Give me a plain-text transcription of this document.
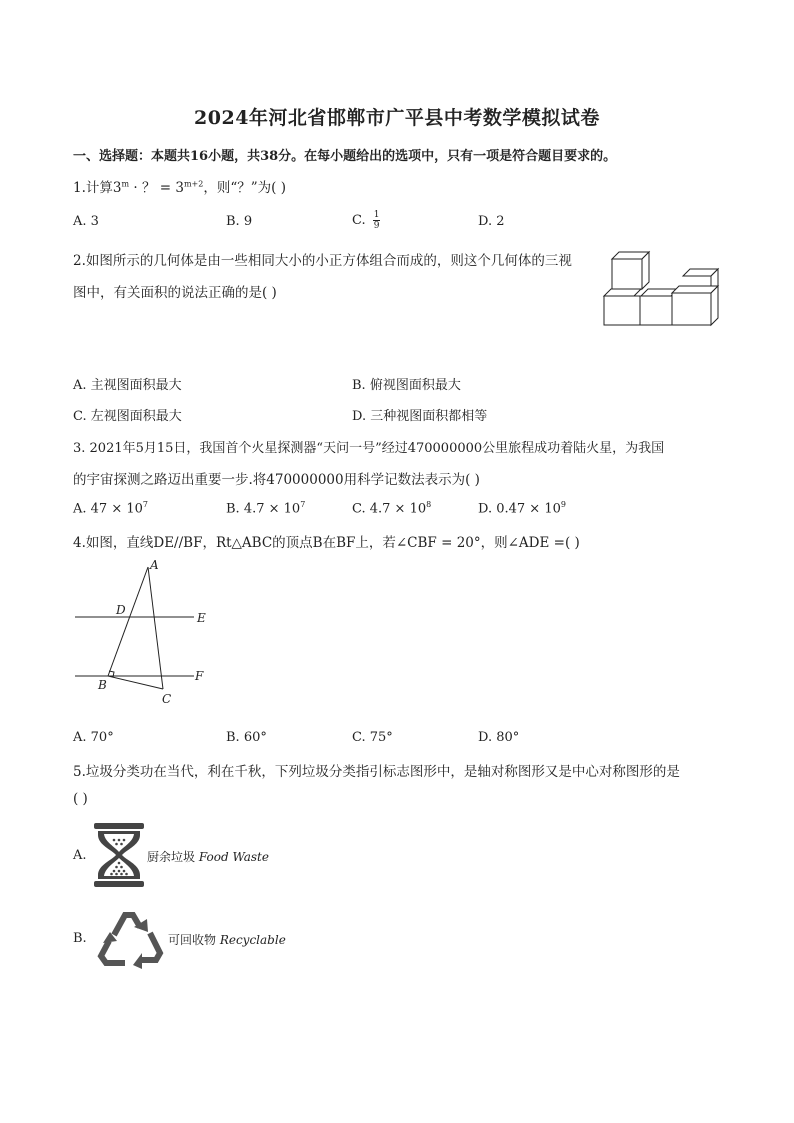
2024年河北省邯郸市广平县中考数学模拟试卷
一、选择题：本题共16小题，共38分。在每小题给出的选项中，只有一项是符合题目要求的。
1.计算$3^m$ · ？ = $3^{m+2}$，则“？”为( )
A. 3	B. 9	C. $\frac{1}{9}$	D. 2
2.如图所示的几何体是由一些相同大小的小正方体组合而成的，则这个几何体的三视
图中，有关面积的说法正确的是( )
A. 主视图面积最大	B. 俯视图面积最大
C. 左视图面积最大	D. 三种视图面积都相等
3. 2021年5月15日，我国首个火星探测器“天问一号”经过470000000公里旅程成功着陆火星，为我国
的宇宙探测之路迈出重要一步.将470000000用科学记数法表示为( )
A. $47 \times 10^7$	B. $4.7 \times 10^7$	C. $4.7 \times 10^8$	D. $0.47 \times 10^9$
4.如图，直线DE//BF，Rt△ABC的顶点B在BF上，若∠CBF = 20°，则∠ADE =( )
A
D
E
B
F
C
A. 70°	B. 60°	C. 75°	D. 80°
5.垃圾分类功在当代，利在千秋，下列垃圾分类指引标志图形中，是轴对称图形又是中心对称图形的是
( )
A.	厨余垃圾 Food Waste
B.	可回收物 Recyclable
